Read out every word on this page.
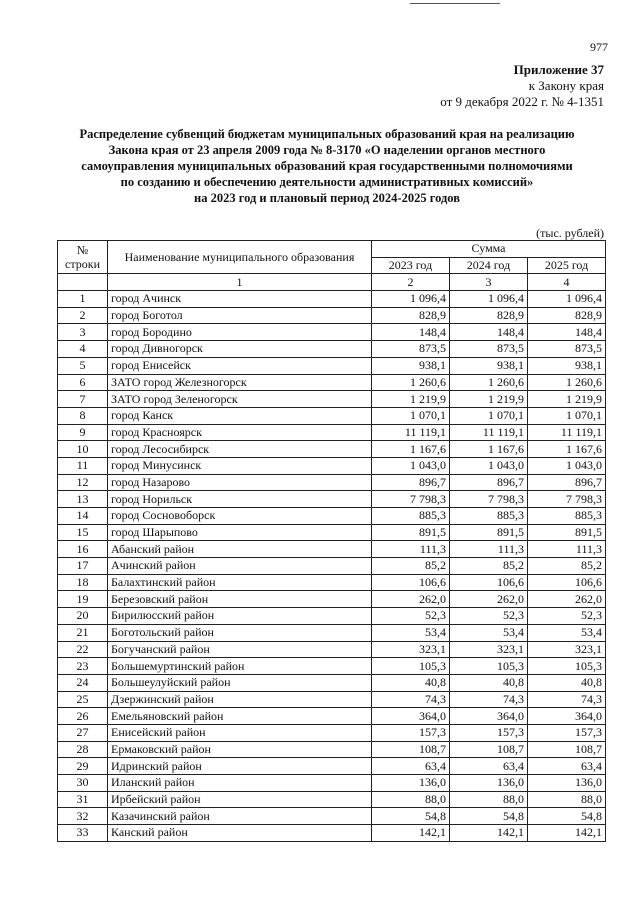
977
Приложение 37
к Закону края
от 9 декабря 2022 г. № 4-1351
Распределение субвенций бюджетам муниципальных образований края на реализацию
Закона края от 23 апреля 2009 года № 8-3170 «О наделении органов местного
самоуправления муниципальных образований края государственными полномочиями
по созданию и обеспечению деятельности административных комиссий»
на 2023 год и плановый период 2024-2025 годов
(тыс. рублей)
№ строки	Наименование муниципального образования	Сумма		
		2023 год	2024 год	2025 год
	1	2	3	4
1	город Ачинск	1 096,4	1 096,4	1 096,4
2	город Боготол	828,9	828,9	828,9
3	город Бородино	148,4	148,4	148,4
4	город Дивногорск	873,5	873,5	873,5
5	город Енисейск	938,1	938,1	938,1
6	ЗАТО город Железногорск	1 260,6	1 260,6	1 260,6
7	ЗАТО город Зеленогорск	1 219,9	1 219,9	1 219,9
8	город Канск	1 070,1	1 070,1	1 070,1
9	город Красноярск	11 119,1	11 119,1	11 119,1
10	город Лесосибирск	1 167,6	1 167,6	1 167,6
11	город Минусинск	1 043,0	1 043,0	1 043,0
12	город Назарово	896,7	896,7	896,7
13	город Норильск	7 798,3	7 798,3	7 798,3
14	город Сосновоборск	885,3	885,3	885,3
15	город Шарыпово	891,5	891,5	891,5
16	Абанский район	111,3	111,3	111,3
17	Ачинский район	85,2	85,2	85,2
18	Балахтинский район	106,6	106,6	106,6
19	Березовский район	262,0	262,0	262,0
20	Бирилюсский район	52,3	52,3	52,3
21	Боготольский район	53,4	53,4	53,4
22	Богучанский район	323,1	323,1	323,1
23	Большемуртинский район	105,3	105,3	105,3
24	Большеулуйский район	40,8	40,8	40,8
25	Дзержинский район	74,3	74,3	74,3
26	Емельяновский район	364,0	364,0	364,0
27	Енисейский район	157,3	157,3	157,3
28	Ермаковский район	108,7	108,7	108,7
29	Идринский район	63,4	63,4	63,4
30	Иланский район	136,0	136,0	136,0
31	Ирбейский район	88,0	88,0	88,0
32	Казачинский район	54,8	54,8	54,8
33	Канский район	142,1	142,1	142,1
